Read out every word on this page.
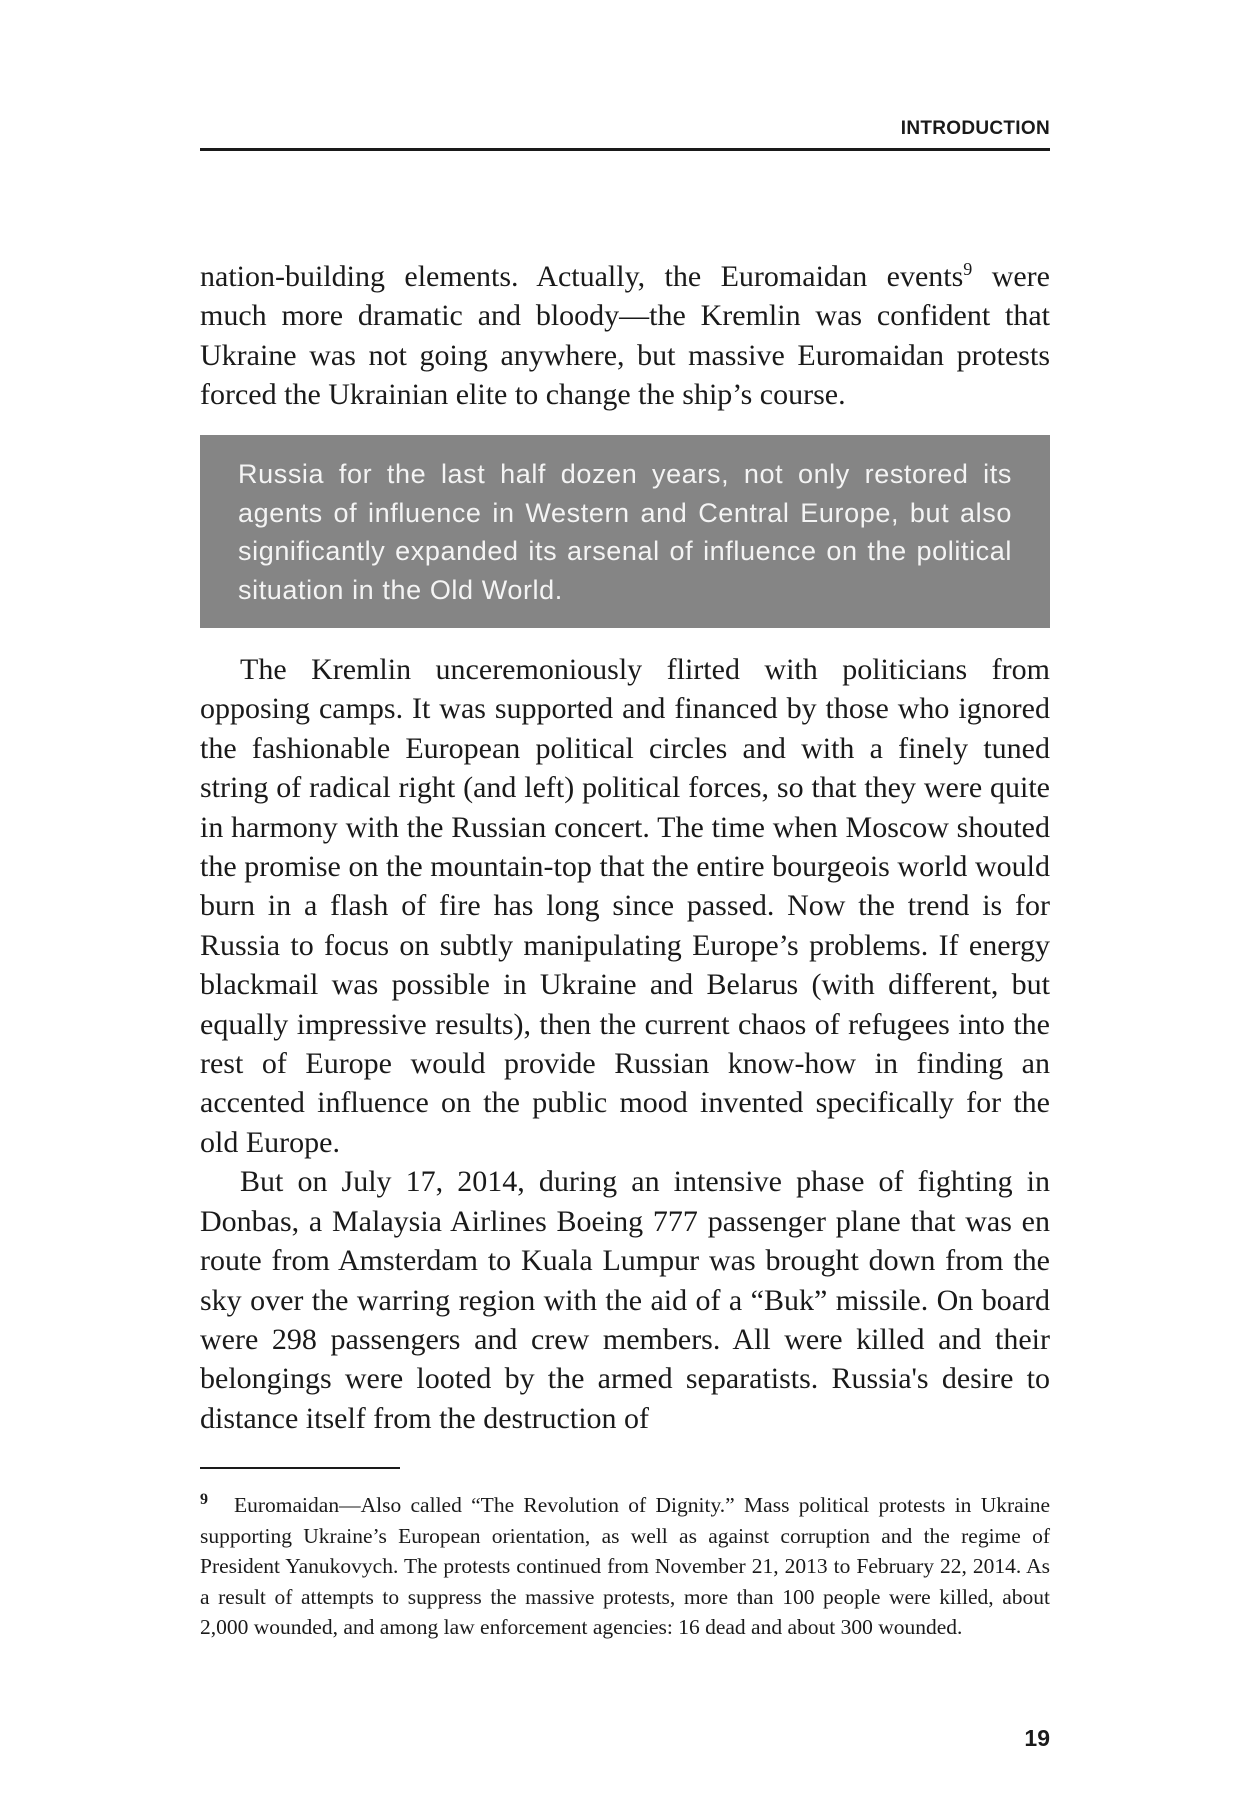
INTRODUCTION

nation-building elements. Actually, the Euromaidan events$^9$ were much more dramatic and bloody—the Kremlin was confident that Ukraine was not going anywhere, but massive Euromaidan protests forced the Ukrainian elite to change the ship’s course.

Russia for the last half dozen years, not only restored its agents of influence in Western and Central Europe, but also significantly expanded its arsenal of influence on the political situation in the Old World.

The Kremlin unceremoniously flirted with politicians from opposing camps. It was supported and financed by those who ignored the fashionable European political circles and with a finely tuned string of radical right (and left) political forces, so that they were quite in harmony with the Russian concert. The time when Moscow shouted the promise on the mountain-top that the entire bourgeois world would burn in a flash of fire has long since passed. Now the trend is for Russia to focus on subtly manipulating Europe’s problems. If energy blackmail was possible in Ukraine and Belarus (with different, but equally impressive results), then the current chaos of refugees into the rest of Europe would provide Russian know-how in finding an accented influence on the public mood invented specifically for the old Europe.

But on July 17, 2014, during an intensive phase of fighting in Donbas, a Malaysia Airlines Boeing 777 passenger plane that was en route from Amsterdam to Kuala Lumpur was brought down from the sky over the warring region with the aid of a “Buk” missile. On board were 298 passengers and crew members. All were killed and their belongings were looted by the armed separatists. Russia's desire to distance itself from the destruction of

$^9$ Euromaidan—Also called “The Revolution of Dignity.” Mass political protests in Ukraine supporting Ukraine’s European orientation, as well as against corruption and the regime of President Yanukovych. The protests continued from November 21, 2013 to February 22, 2014. As a result of attempts to suppress the massive protests, more than 100 people were killed, about 2,000 wounded, and among law enforcement agencies: 16 dead and about 300 wounded.

19
